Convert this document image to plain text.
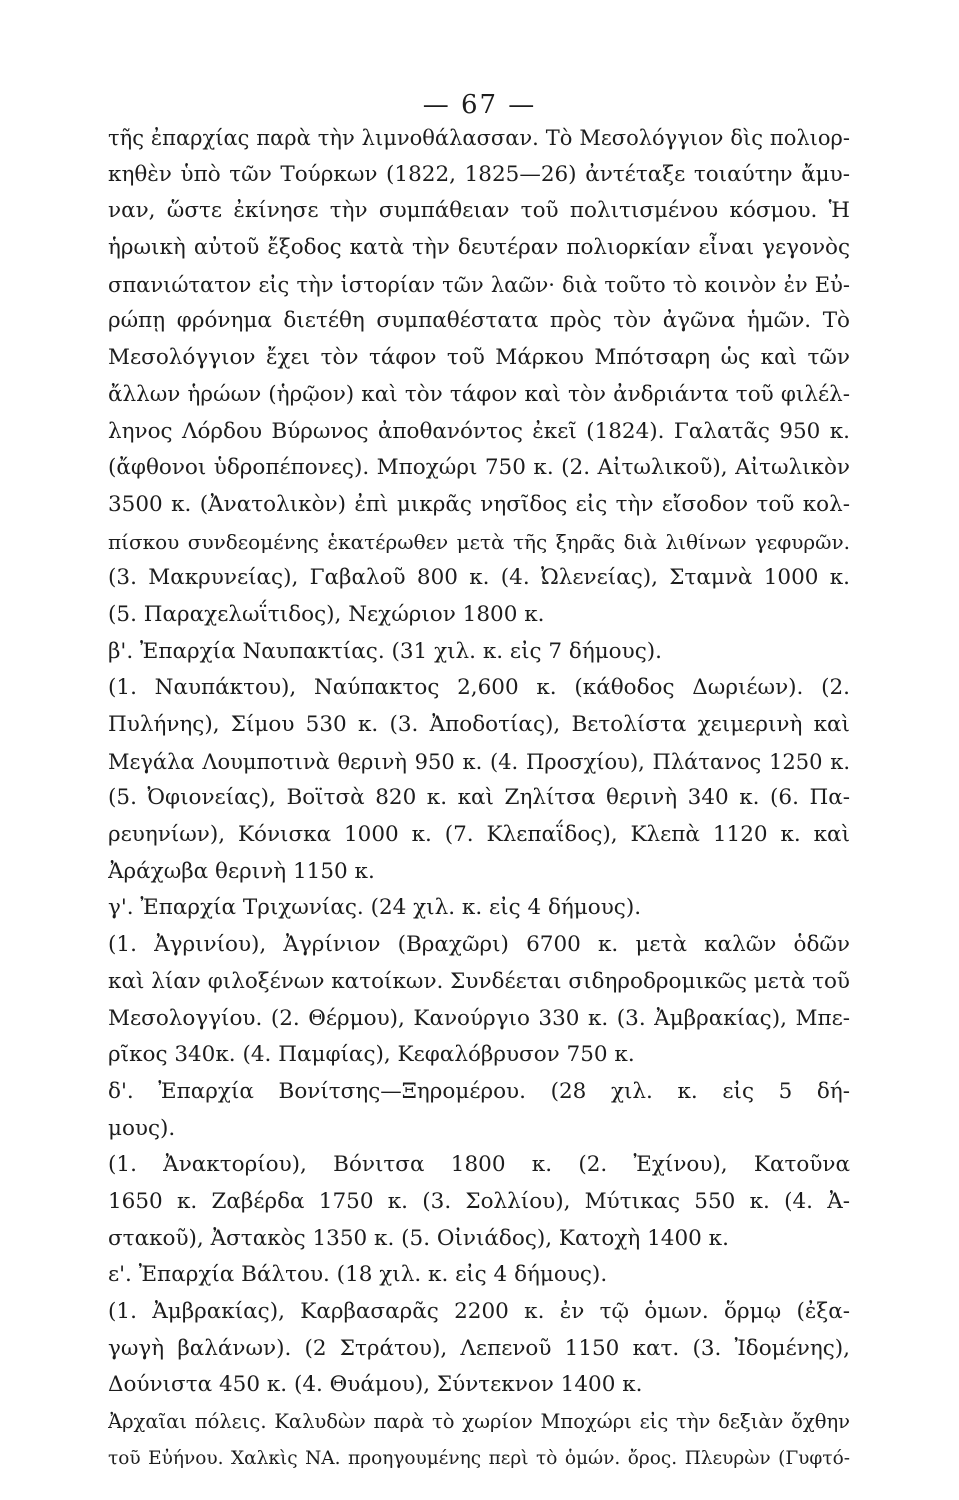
— 67 —
τῆς ἐπαρχίας παρὰ τὴν λιμνοθάλασσαν. Τὸ Μεσολόγγιον δὶς πολιορ-
κηθὲν ὑπὸ τῶν Τούρκων (1822, 1825—26) ἀντέταξε τοιαύτην ἄμυ-
ναν, ὥστε ἐκίνησε τὴν συμπάθειαν τοῦ πολιτισμένου κόσμου. Ἡ
ἡρωικὴ αὐτοῦ ἔξοδος κατὰ τὴν δευτέραν πολιορκίαν εἶναι γεγονὸς
σπανιώτατον εἰς τὴν ἱστορίαν τῶν λαῶν· διὰ τοῦτο τὸ κοινὸν ἐν Εὐ-
ρώπῃ φρόνημα διετέθη συμπαθέστατα πρὸς τὸν ἀγῶνα ἡμῶν. Τὸ
Μεσολόγγιον ἔχει τὸν τάφον τοῦ Μάρκου Μπότσαρη ὡς καὶ τῶν
ἄλλων ἡρώων (ἡρῷον) καὶ τὸν τάφον καὶ τὸν ἀνδριάντα τοῦ φιλέλ-
ληνος Λόρδου Βύρωνος ἀποθανόντος ἐκεῖ (1824). Γαλατᾶς 950 κ.
(ἄφθονοι ὑδροπέπονες). Μποχώρι 750 κ. (2. Αἰτωλικοῦ), Αἰτωλικὸν
3500 κ. (Ἀνατολικὸν) ἐπὶ μικρᾶς νησῖδος εἰς τὴν εἴσοδον τοῦ κολ-
πίσκου συνδεομένης ἑκατέρωθεν μετὰ τῆς ξηρᾶς διὰ λιθίνων γεφυρῶν.
(3. Μακρυνείας), Γαβαλοῦ 800 κ. (4. Ὠλενείας), Σταμνὰ 1000 κ.
(5. Παραχελωΐτιδος), Νεχώριον 1800 κ.
β'. Ἐπαρχία Ναυπακτίας. (31 χιλ. κ. εἰς 7 δήμους).
(1. Ναυπάκτου), Ναύπακτος 2,600 κ. (κάθοδος Δωριέων). (2.
Πυλήνης), Σίμου 530 κ. (3. Ἀποδοτίας), Βετολίστα χειμερινὴ καὶ
Μεγάλα Λουμποτινὰ θερινὴ 950 κ. (4. Προσχίου), Πλάτανος 1250 κ.
(5. Ὀφιονείας), Βοϊτσὰ 820 κ. καὶ Ζηλίτσα θερινὴ 340 κ. (6. Πα-
ρευηνίων), Κόνισκα 1000 κ. (7. Κλεπαΐδος), Κλεπὰ 1120 κ. καὶ
Ἀράχωβα θερινὴ 1150 κ.
γ'. Ἐπαρχία Τριχωνίας. (24 χιλ. κ. εἰς 4 δήμους).
(1. Ἀγρινίου), Ἀγρίνιον (Βραχῶρι) 6700 κ. μετὰ καλῶν ὁδῶν
καὶ λίαν φιλοξένων κατοίκων. Συνδέεται σιδηροδρομικῶς μετὰ τοῦ
Μεσολογγίου. (2. Θέρμου), Κανούργιο 330 κ. (3. Ἀμβρακίας), Μπε-
ρῖκος 340κ. (4. Παμφίας), Κεφαλόβρυσον 750 κ.
δ'. Ἐπαρχία Βονίτσης—Ξηρομέρου. (28 χιλ. κ. εἰς 5 δή-
μους).
(1. Ἀνακτορίου), Βόνιτσα 1800 κ. (2. Ἐχίνου), Κατοῦνα
1650 κ. Ζαβέρδα 1750 κ. (3. Σολλίου), Μύτικας 550 κ. (4. Ἀ-
στακοῦ), Ἀστακὸς 1350 κ. (5. Οἰνιάδος), Κατοχὴ 1400 κ.
ε'. Ἐπαρχία Βάλτου. (18 χιλ. κ. εἰς 4 δήμους).
(1. Ἀμβρακίας), Καρβασαρᾶς 2200 κ. ἐν τῷ ὁμων. ὅρμῳ (ἐξα-
γωγὴ βαλάνων). (2 Στράτου), Λεπενοῦ 1150 κατ. (3. Ἰδομένης),
Δούνιστα 450 κ. (4. Θυάμου), Σύντεκνον 1400 κ.
Ἀρχαῖαι πόλεις. Καλυδὼν παρὰ τὸ χωρίον Μποχώρι εἰς τὴν δεξιὰν ὄχθην
τοῦ Εὐήνου. Χαλκὶς ΝΑ. προηγουμένης περὶ τὸ ὁμών. ὄρος. Πλευρὼν (Γυφτό-
